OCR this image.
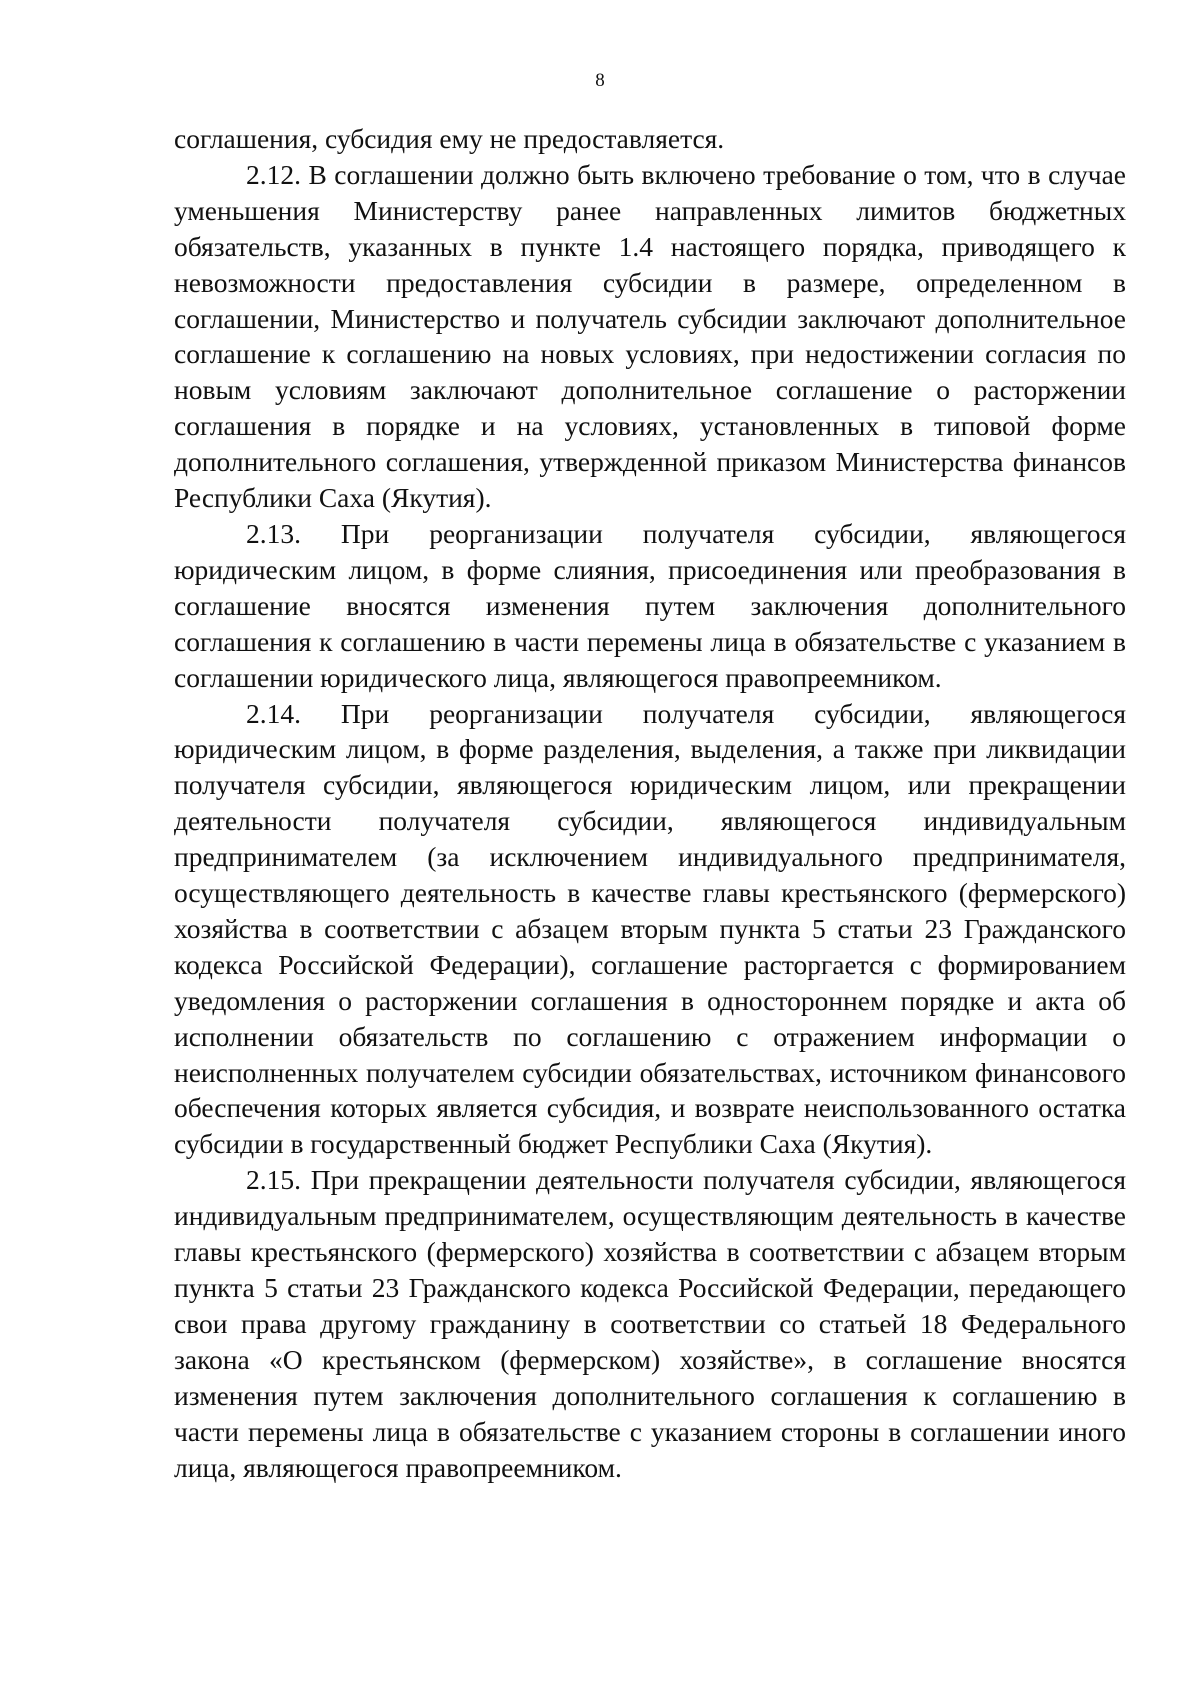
8

соглашения, субсидия ему не предоставляется.

2.12. В соглашении должно быть включено требование о том, что в случае уменьшения Министерству ранее направленных лимитов бюджетных обязательств, указанных в пункте 1.4 настоящего порядка, приводящего к невозможности предоставления субсидии в размере, определенном в соглашении, Министерство и получатель субсидии заключают дополнительное соглашение к соглашению на новых условиях, при недостижении согласия по новым условиям заключают дополнительное соглашение о расторжении соглашения в порядке и на условиях, установленных в типовой форме дополнительного соглашения, утвержденной приказом Министерства финансов Республики Саха (Якутия).

2.13. При реорганизации получателя субсидии, являющегося юридическим лицом, в форме слияния, присоединения или преобразования в соглашение вносятся изменения путем заключения дополнительного соглашения к соглашению в части перемены лица в обязательстве с указанием в соглашении юридического лица, являющегося правопреемником.

2.14. При реорганизации получателя субсидии, являющегося юридическим лицом, в форме разделения, выделения, а также при ликвидации получателя субсидии, являющегося юридическим лицом, или прекращении деятельности получателя субсидии, являющегося индивидуальным предпринимателем (за исключением индивидуального предпринимателя, осуществляющего деятельность в качестве главы крестьянского (фермерского) хозяйства в соответствии с абзацем вторым пункта 5 статьи 23 Гражданского кодекса Российской Федерации), соглашение расторгается с формированием уведомления о расторжении соглашения в одностороннем порядке и акта об исполнении обязательств по соглашению с отражением информации о неисполненных получателем субсидии обязательствах, источником финансового обеспечения которых является субсидия, и возврате неиспользованного остатка субсидии в государственный бюджет Республики Саха (Якутия).

2.15. При прекращении деятельности получателя субсидии, являющегося индивидуальным предпринимателем, осуществляющим деятельность в качестве главы крестьянского (фермерского) хозяйства в соответствии с абзацем вторым пункта 5 статьи 23 Гражданского кодекса Российской Федерации, передающего свои права другому гражданину в соответствии со статьей 18 Федерального закона «О крестьянском (фермерском) хозяйстве», в соглашение вносятся изменения путем заключения дополнительного соглашения к соглашению в части перемены лица в обязательстве с указанием стороны в соглашении иного лица, являющегося правопреемником.
